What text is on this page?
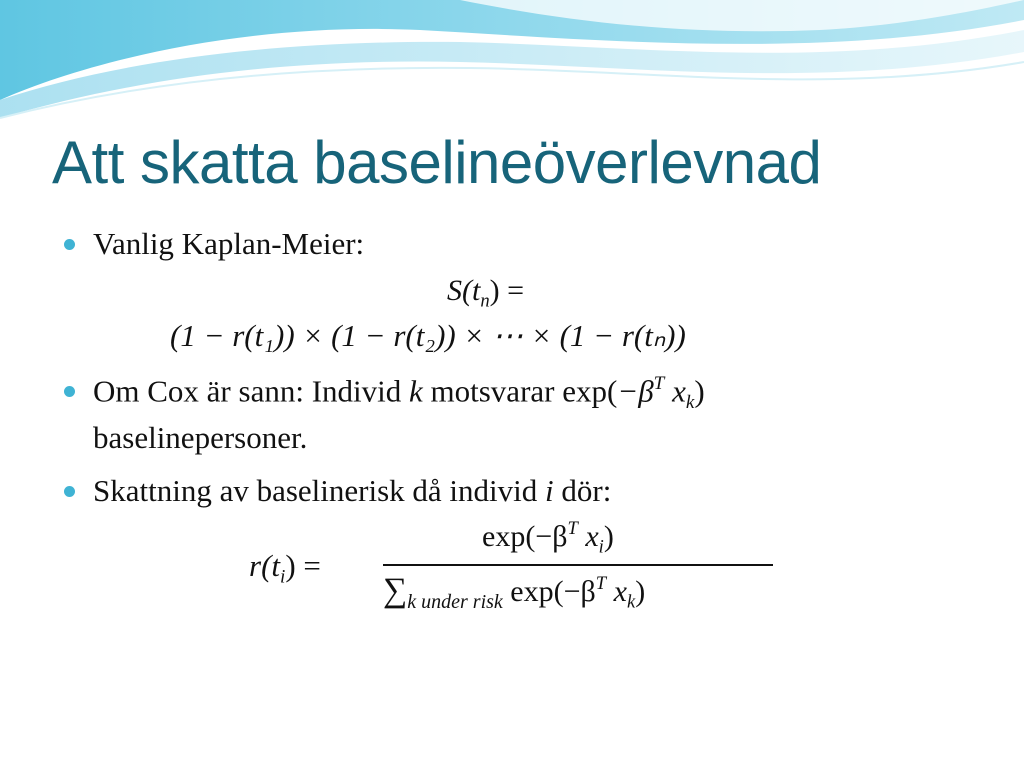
Att skatta baselineöverlevnad
Vanlig Kaplan-Meier:
$S(t_n)$ =
(1 − r(t₁)) × (1 − r(t₂)) × ⋯ × (1 − r(tₙ))
Om Cox är sann: Individ k motsvarar $\exp(-\beta^T$ $x_k$)
baselinepersoner.
Skattning av baselinerisk då individ i dör:
$r(t_i)$ =
$\exp(-\beta^T$ $x_i$)
$\sum_{k under risk}$ $\exp(-\beta^T$ $x_k$)
